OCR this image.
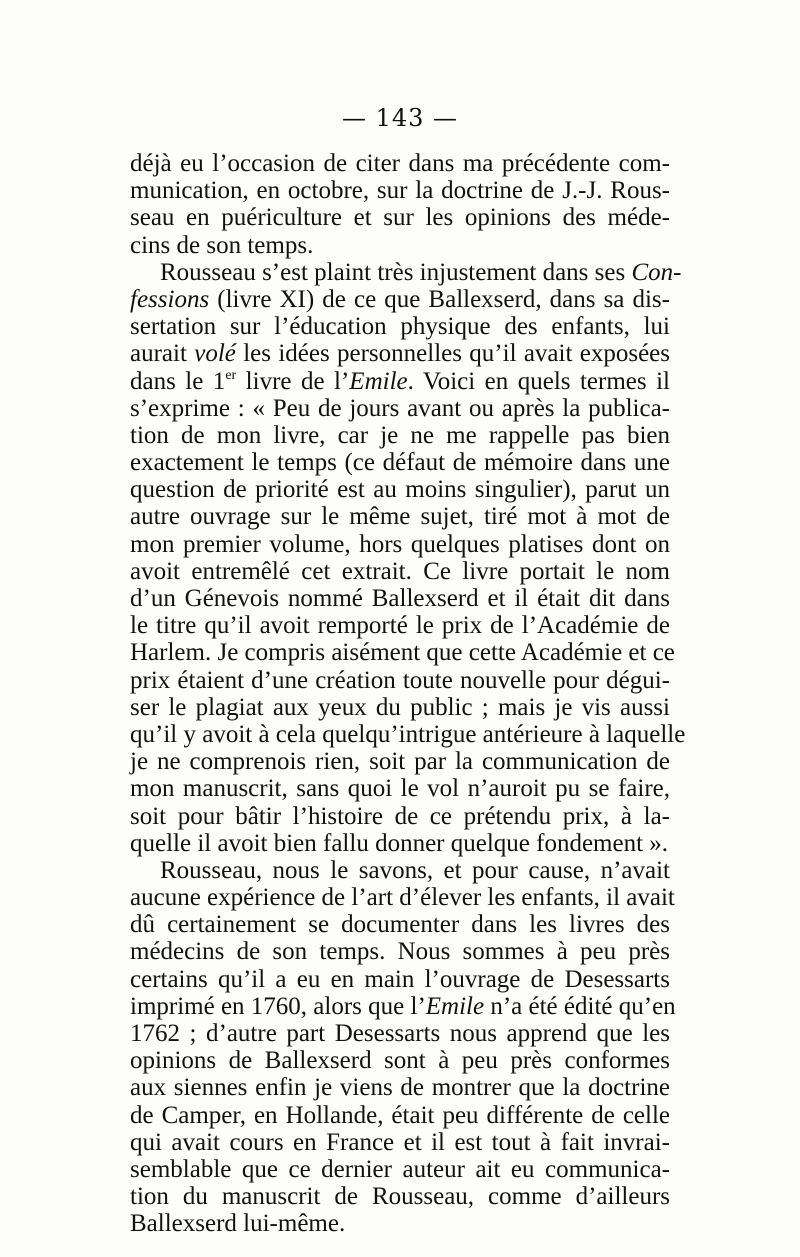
— 143 —
déjà eu l’occasion de citer dans ma précédente com-
munication, en octobre, sur la doctrine de J.-J. Rous-
seau en puériculture et sur les opinions des méde-
cins de son temps.
Rousseau s’est plaint très injustement dans ses Con-
fessions (livre XI) de ce que Ballexserd, dans sa dis-
sertation sur l’éducation physique des enfants, lui
aurait volé les idées personnelles qu’il avait exposées
dans le 1er livre de l’Emile. Voici en quels termes il
s’exprime : « Peu de jours avant ou après la publica-
tion de mon livre, car je ne me rappelle pas bien
exactement le temps (ce défaut de mémoire dans une
question de priorité est au moins singulier), parut un
autre ouvrage sur le même sujet, tiré mot à mot de
mon premier volume, hors quelques platises dont on
avoit entremêlé cet extrait. Ce livre portait le nom
d’un Génevois nommé Ballexserd et il était dit dans
le titre qu’il avoit remporté le prix de l’Académie de
Harlem. Je compris aisément que cette Académie et ce
prix étaient d’une création toute nouvelle pour dégui-
ser le plagiat aux yeux du public ; mais je vis aussi
qu’il y avoit à cela quelqu’intrigue antérieure à laquelle
je ne comprenois rien, soit par la communication de
mon manuscrit, sans quoi le vol n’auroit pu se faire,
soit pour bâtir l’histoire de ce prétendu prix, à la-
quelle il avoit bien fallu donner quelque fondement ».
Rousseau, nous le savons, et pour cause, n’avait
aucune expérience de l’art d’élever les enfants, il avait
dû certainement se documenter dans les livres des
médecins de son temps. Nous sommes à peu près
certains qu’il a eu en main l’ouvrage de Desessarts
imprimé en 1760, alors que l’Emile n’a été édité qu’en
1762 ; d’autre part Desessarts nous apprend que les
opinions de Ballexserd sont à peu près conformes
aux siennes enfin je viens de montrer que la doctrine
de Camper, en Hollande, était peu différente de celle
qui avait cours en France et il est tout à fait invrai-
semblable que ce dernier auteur ait eu communica-
tion du manuscrit de Rousseau, comme d’ailleurs
Ballexserd lui-même.
